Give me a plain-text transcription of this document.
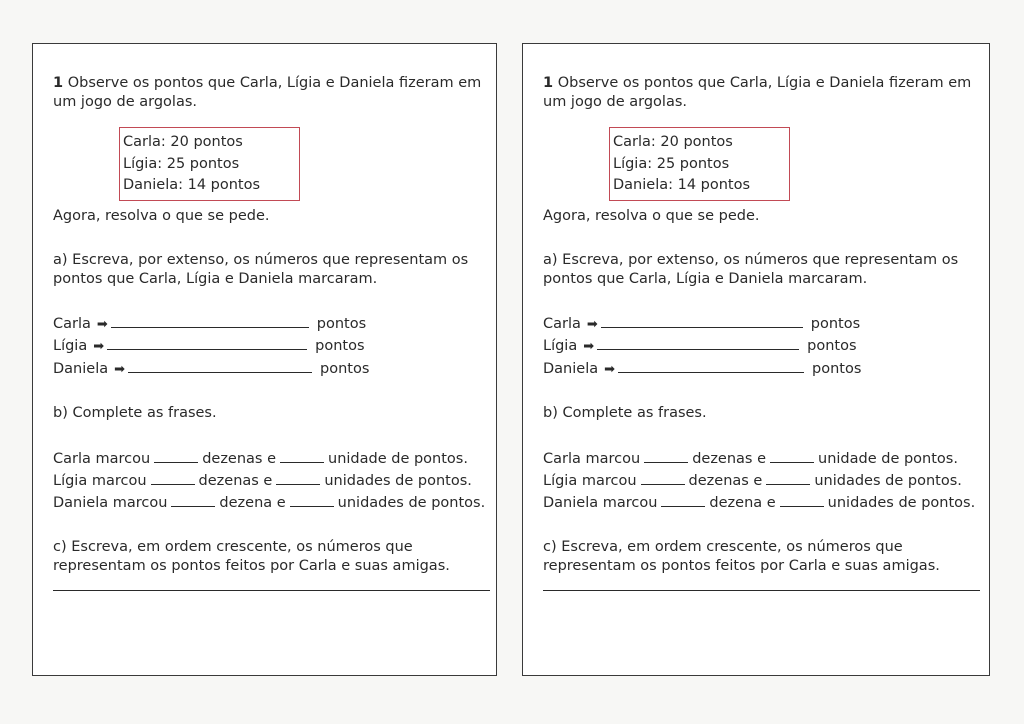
1 Observe os pontos que Carla, Lígia e Daniela fizeram em um jogo de argolas.

Carla: 20 pontos
Lígia: 25 pontos
Daniela: 14 pontos

Agora, resolva o que se pede.

a) Escreva, por extenso, os números que representam os pontos que Carla, Lígia e Daniela marcaram.

Carla ➡	pontos
Lígia ➡	pontos
Daniela ➡	pontos

b) Complete as frases.

Carla marcou	dezenas e	unidade de pontos.
Lígia marcou	dezenas e	unidades de pontos.
Daniela marcou	dezena e	unidades de pontos.

c) Escreva, em ordem crescente, os números que representam os pontos feitos por Carla e suas amigas.

1 Observe os pontos que Carla, Lígia e Daniela fizeram em um jogo de argolas.

Carla: 20 pontos
Lígia: 25 pontos
Daniela: 14 pontos

Agora, resolva o que se pede.

a) Escreva, por extenso, os números que representam os pontos que Carla, Lígia e Daniela marcaram.

Carla ➡	pontos
Lígia ➡	pontos
Daniela ➡	pontos

b) Complete as frases.

Carla marcou	dezenas e	unidade de pontos.
Lígia marcou	dezenas e	unidades de pontos.
Daniela marcou	dezena e	unidades de pontos.

c) Escreva, em ordem crescente, os números que representam os pontos feitos por Carla e suas amigas.
